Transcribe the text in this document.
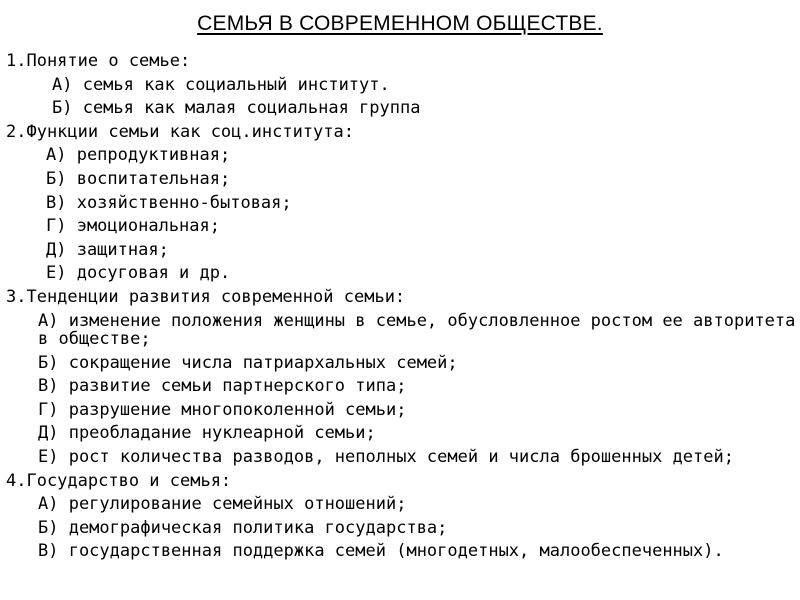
СЕМЬЯ В СОВРЕМЕННОМ ОБЩЕСТВЕ.
1.Понятие о семье:
А) семья как социальный институт.
Б) семья как малая социальная группа
2.Функции семьи как соц.института:
А) репродуктивная;
Б) воспитательная;
В) хозяйственно-бытовая;
Г) эмоциональная;
Д) защитная;
Е) досуговая и др.
3.Тенденции развития современной семьи:
А) изменение положения женщины в семье, обусловленное ростом ее авторитета в обществе;
Б) сокращение числа патриархальных семей;
В) развитие семьи партнерского типа;
Г) разрушение многопоколенной семьи;
Д) преобладание нуклеарной семьи;
Е) рост количества разводов, неполных семей и числа брошенных детей;
4.Государство и семья:
А) регулирование семейных отношений;
Б) демографическая политика государства;
В) государственная поддержка семей (многодетных, малообеспеченных).
